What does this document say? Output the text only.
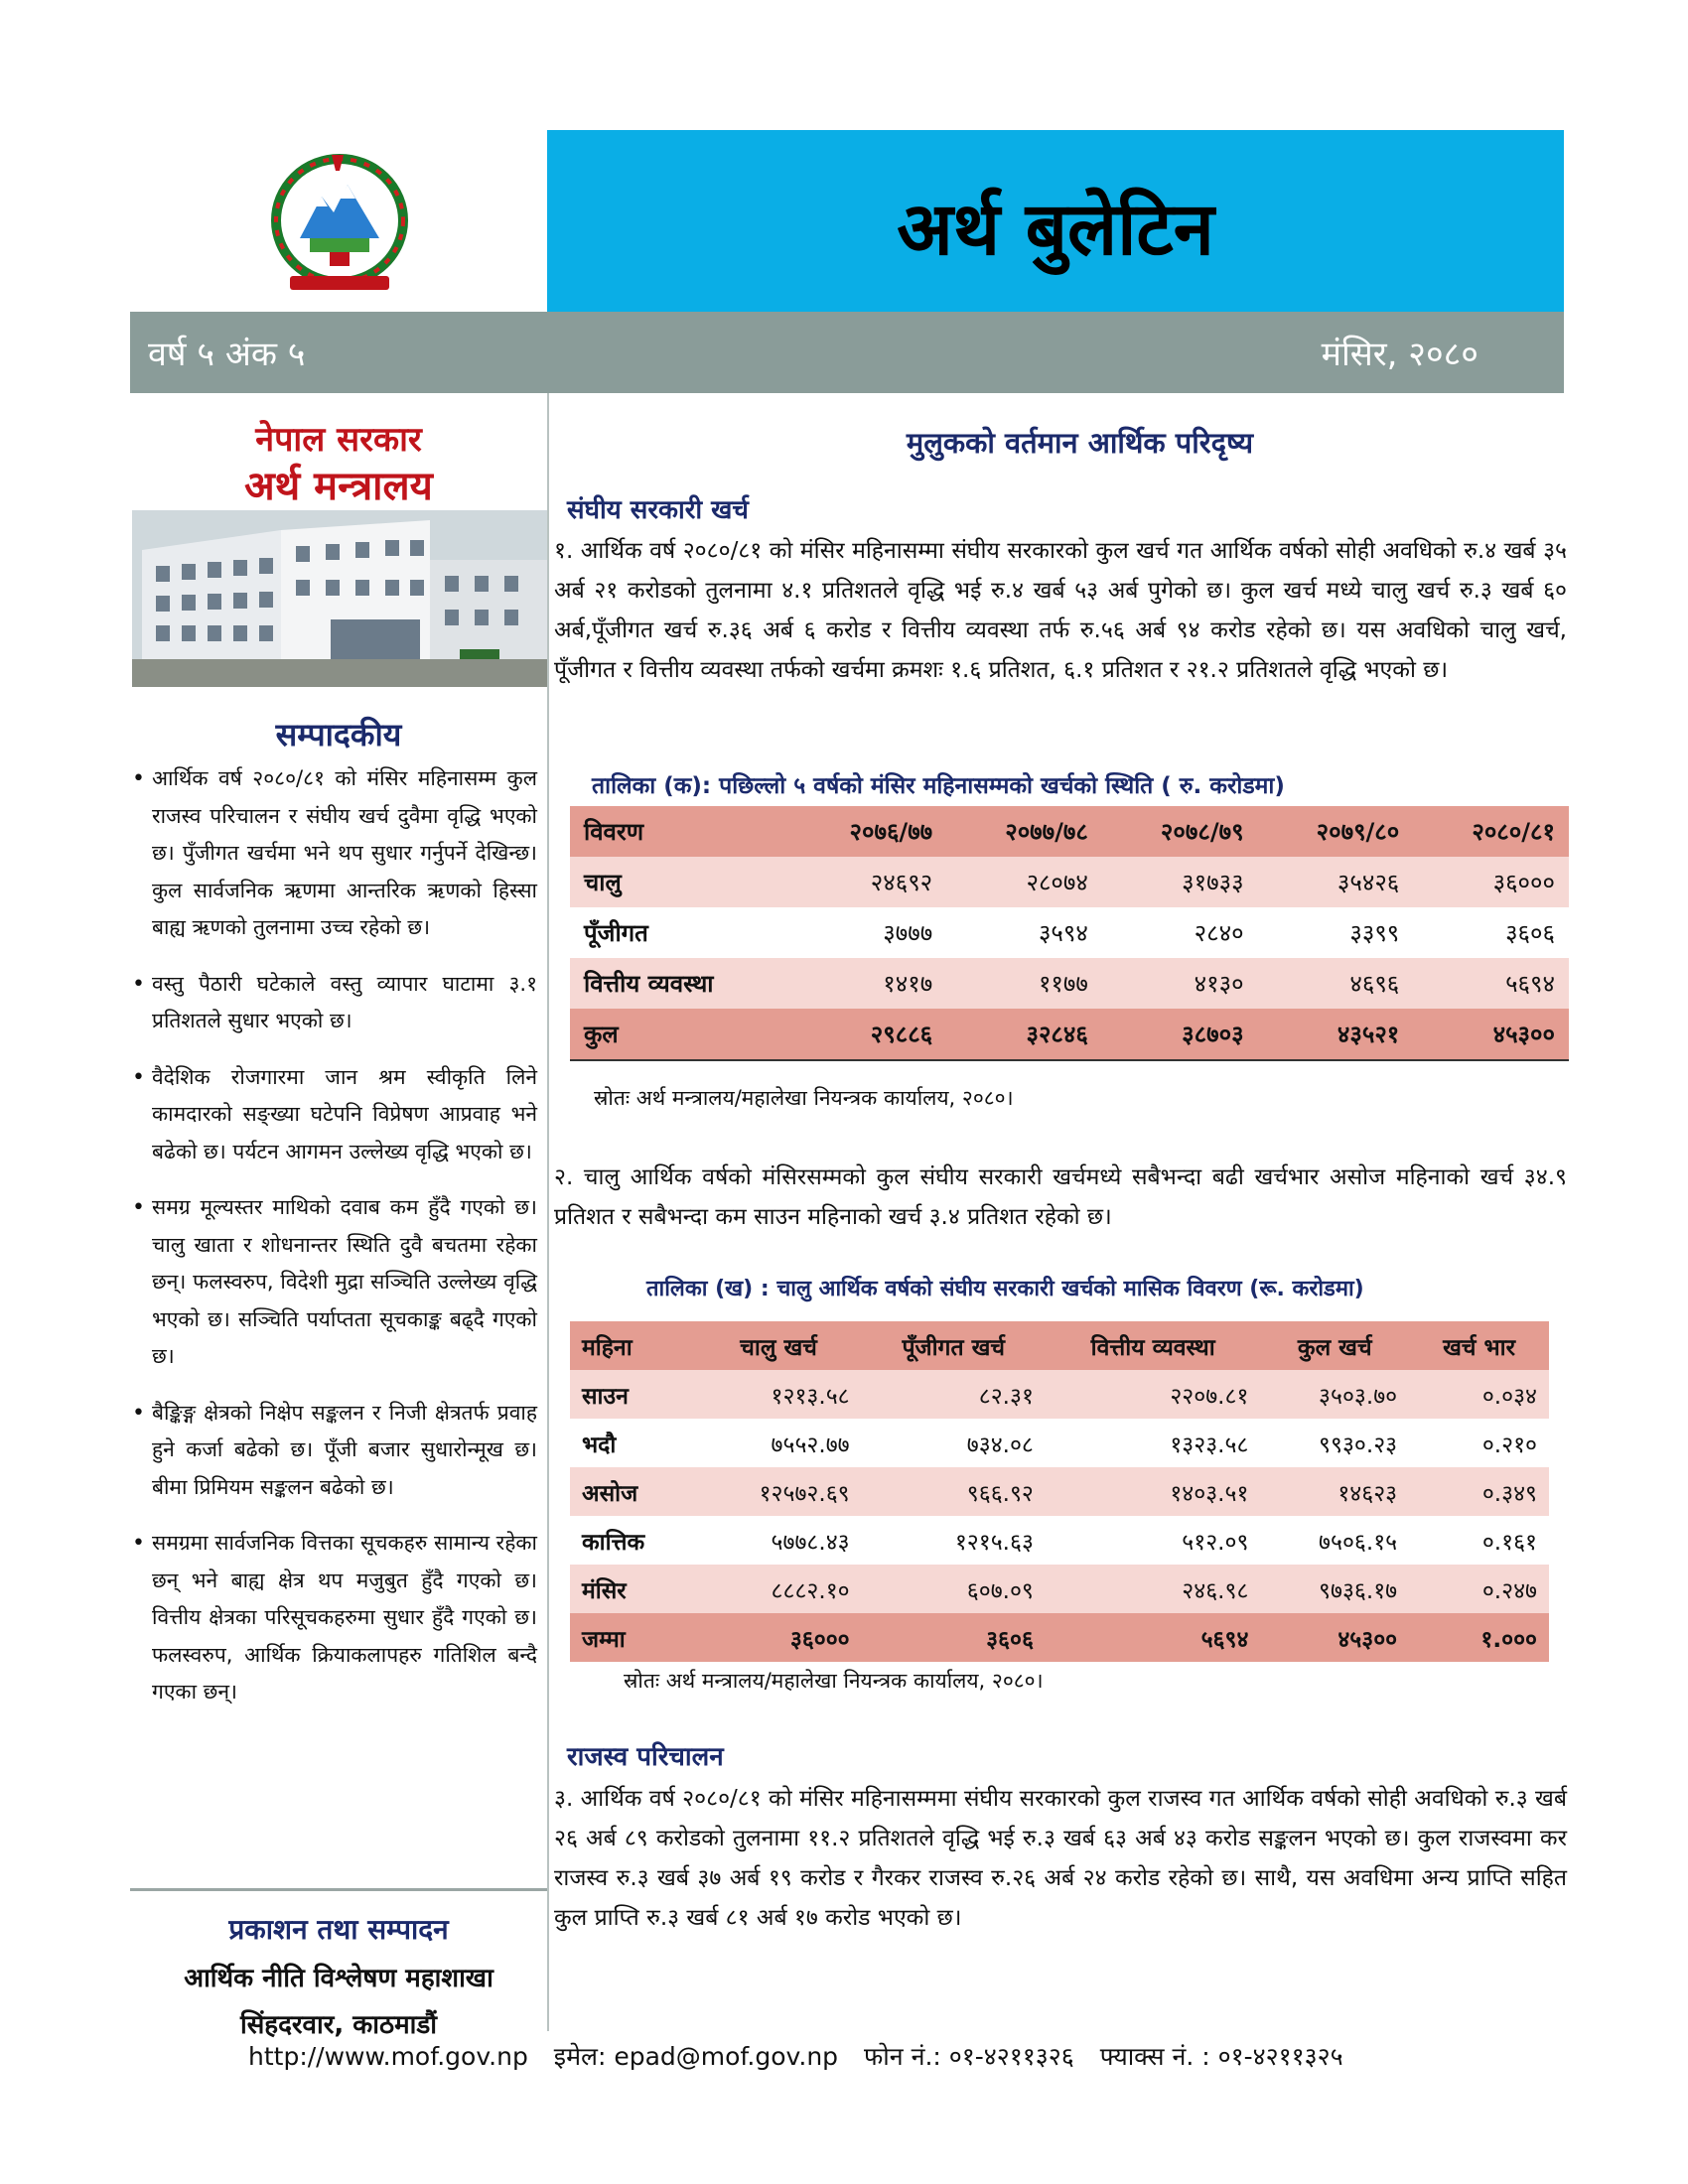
अर्थ बुलेटिन
वर्ष ५ अंक ५	मंसिर, २०८०
नेपाल सरकार
अर्थ मन्त्रालय
सम्पादकीय
• आर्थिक वर्ष २०८०/८१ को मंसिर महिनासम्म कुल राजस्व परिचालन र संघीय खर्च दुवैमा वृद्धि भएको छ। पुँजीगत खर्चमा भने थप सुधार गर्नुपर्ने देखिन्छ। कुल सार्वजनिक ऋणमा आन्तरिक ऋणको हिस्सा बाह्य ऋणको तुलनामा उच्च रहेको छ।
• वस्तु पैठारी घटेकाले वस्तु व्यापार घाटामा ३.१ प्रतिशतले सुधार भएको छ।
• वैदेशिक रोजगारमा जान श्रम स्वीकृति लिने कामदारको सङ्ख्या घटेपनि विप्रेषण आप्रवाह भने बढेको छ। पर्यटन आगमन उल्लेख्य वृद्धि भएको छ।
• समग्र मूल्यस्तर माथिको दवाब कम हुँदै गएको छ। चालु खाता र शोधनान्तर स्थिति दुवै बचतमा रहेका छन्। फलस्वरुप, विदेशी मुद्रा सञ्चिति उल्लेख्य वृद्धि भएको छ। सञ्चिति पर्याप्तता सूचकाङ्क बढ्दै गएको छ।
• बैङ्किङ्ग क्षेत्रको निक्षेप सङ्कलन र निजी क्षेत्रतर्फ प्रवाह हुने कर्जा बढेको छ। पूँजी बजार सुधारोन्मूख छ। बीमा प्रिमियम सङ्कलन बढेको छ।
• समग्रमा सार्वजनिक वित्तका सूचकहरु सामान्य रहेका छन् भने बाह्य क्षेत्र थप मजुबुत हुँदै गएको छ। वित्तीय क्षेत्रका परिसूचकहरुमा सुधार हुँदै गएको छ। फलस्वरुप, आर्थिक क्रियाकलापहरु गतिशिल बन्दै गएका छन्।
प्रकाशन तथा सम्पादन
आर्थिक नीति विश्लेषण महाशाखा
सिंहदरवार, काठमाडौं
मुलुकको वर्तमान आर्थिक परिदृष्य
संघीय सरकारी खर्च
१. आर्थिक वर्ष २०८०/८१ को मंसिर महिनासम्मा संघीय सरकारको कुल खर्च गत आर्थिक वर्षको सोही अवधिको रु.४ खर्ब ३५ अर्ब २१ करोडको तुलनामा ४.१ प्रतिशतले वृद्धि भई रु.४ खर्ब ५३ अर्ब पुगेको छ। कुल खर्च मध्ये चालु खर्च रु.३ खर्ब ६० अर्ब,पूँजीगत खर्च रु.३६ अर्ब ६ करोड र वित्तीय व्यवस्था तर्फ रु.५६ अर्ब ९४ करोड रहेको छ। यस अवधिको चालु खर्च, पूँजीगत र वित्तीय व्यवस्था तर्फको खर्चमा क्रमशः १.६ प्रतिशत, ६.१ प्रतिशत र २१.२ प्रतिशतले वृद्धि भएको छ।
तालिका (क): पछिल्लो ५ वर्षको मंसिर महिनासम्मको खर्चको स्थिति ( रु. करोडमा)
विवरण	२०७६/७७	२०७७/७८	२०७८/७९	२०७९/८०	२०८०/८१
चालु	२४६९२	२८०७४	३१७३३	३५४२६	३६०००
पूँजीगत	३७७७	३५९४	२८४०	३३९९	३६०६
वित्तीय व्यवस्था	१४१७	११७७	४१३०	४६९६	५६९४
कुल	२९८८६	३२८४६	३८७०३	४३५२१	४५३००
स्रोतः अर्थ मन्त्रालय/महालेखा नियन्त्रक कार्यालय, २०८०।
२. चालु आर्थिक वर्षको मंसिरसम्मको कुल संघीय सरकारी खर्चमध्ये सबैभन्दा बढी खर्चभार असोज महिनाको खर्च ३४.९ प्रतिशत र सबैभन्दा कम साउन महिनाको खर्च ३.४ प्रतिशत रहेको छ।
तालिका (ख) : चालु आर्थिक वर्षको संघीय सरकारी खर्चको मासिक विवरण (रू. करोडमा)
महिना	चालु खर्च	पूँजीगत खर्च	वित्तीय व्यवस्था	कुल खर्च	खर्च भार
साउन	१२१३.५८	८२.३१	२२०७.८१	३५०३.७०	०.०३४
भदौ	७५५२.७७	७३४.०८	१३२३.५८	९९३०.२३	०.२१०
असोज	१२५७२.६९	९६६.९२	१४०३.५१	१४६२३	०.३४९
कात्तिक	५७७८.४३	१२१५.६३	५१२.०९	७५०६.१५	०.१६१
मंसिर	८८८२.१०	६०७.०९	२४६.९८	९७३६.१७	०.२४७
जम्मा	३६०००	३६०६	५६९४	४५३००	१.०००
स्रोतः अर्थ मन्त्रालय/महालेखा नियन्त्रक कार्यालय, २०८०।
राजस्व परिचालन
३. आर्थिक वर्ष २०८०/८१ को मंसिर महिनासम्ममा संघीय सरकारको कुल राजस्व गत आर्थिक वर्षको सोही अवधिको रु.३ खर्ब २६ अर्ब ८९ करोडको तुलनामा ११.२ प्रतिशतले वृद्धि भई रु.३ खर्ब ६३ अर्ब ४३ करोड सङ्कलन भएको छ। कुल राजस्वमा कर राजस्व रु.३ खर्ब ३७ अर्ब १९ करोड र गैरकर राजस्व रु.२६ अर्ब २४ करोड रहेको छ। साथै, यस अवधिमा अन्य प्राप्ति सहित कुल प्राप्ति रु.३ खर्ब ८१ अर्ब १७ करोड भएको छ।
http://www.mof.gov.np इमेल: epad@mof.gov.np फोन नं.: ०१-४२११३२६ फ्याक्स नं. : ०१-४२११३२५
